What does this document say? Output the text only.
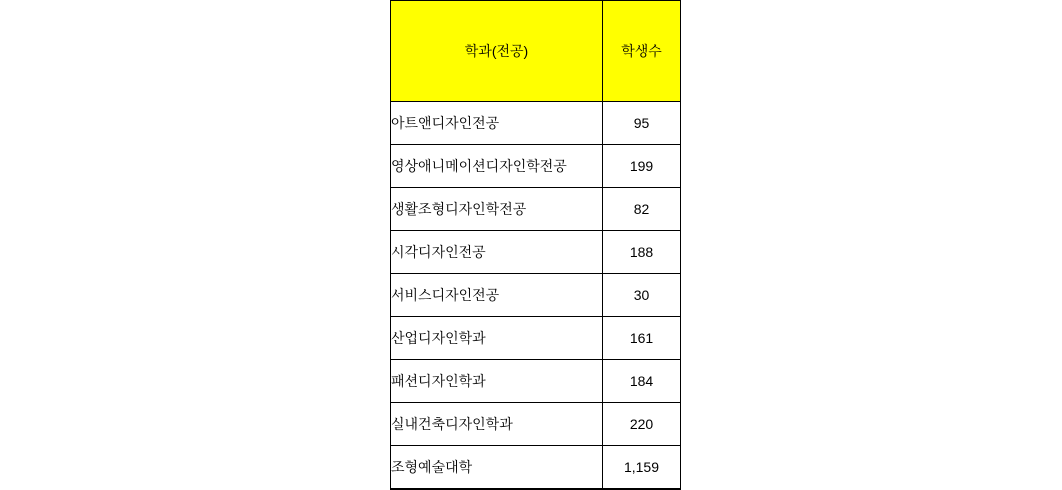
학과(전공)	학생수
아트앤디자인전공	95
영상애니메이션디자인학전공	199
생활조형디자인학전공	82
시각디자인전공	188
서비스디자인전공	30
산업디자인학과	161
패션디자인학과	184
실내건축디자인학과	220
조형예술대학	1,159
